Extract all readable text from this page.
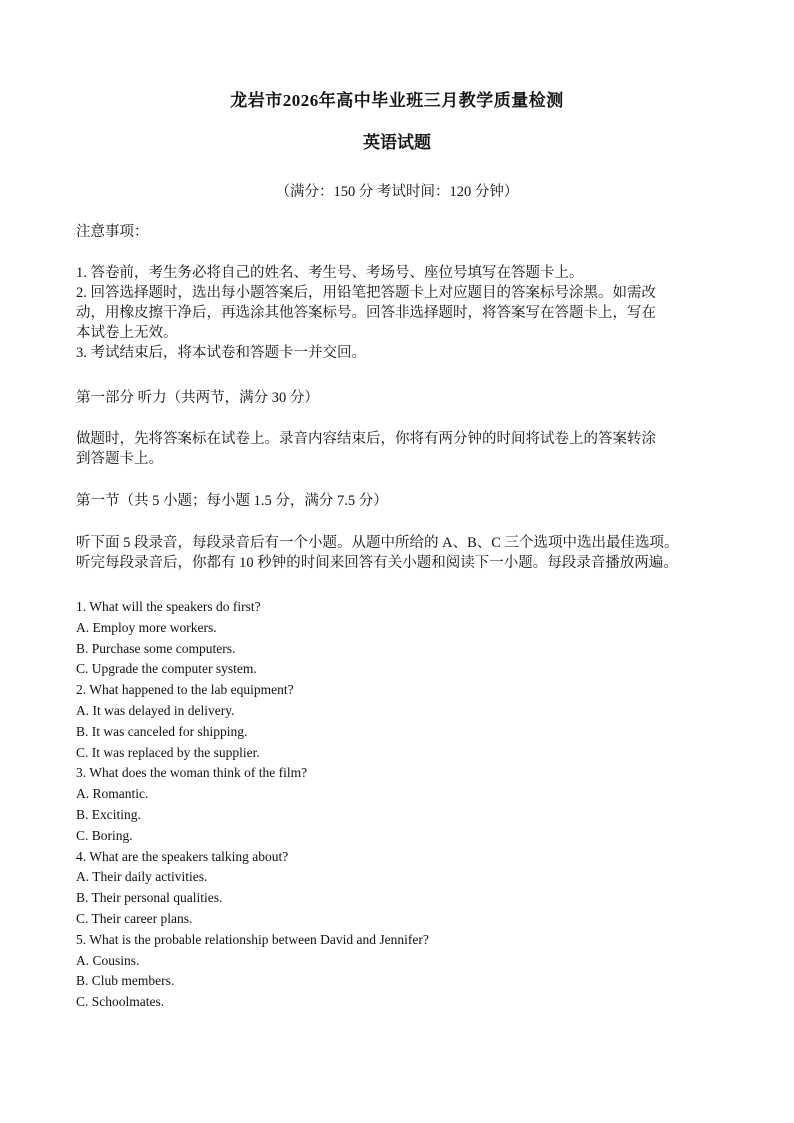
龙岩市2026年高中毕业班三月教学质量检测
英语试题
（满分：150 分 考试时间：120 分钟）
注意事项：
1. 答卷前，考生务必将自己的姓名、考生号、考场号、座位号填写在答题卡上。
2. 回答选择题时，选出每小题答案后，用铅笔把答题卡上对应题目的答案标号涂黑。如需改
动，用橡皮擦干净后，再选涂其他答案标号。回答非选择题时，将答案写在答题卡上，写在
本试卷上无效。
3. 考试结束后，将本试卷和答题卡一并交回。
第一部分 听力（共两节，满分 30 分）
做题时，先将答案标在试卷上。录音内容结束后，你将有两分钟的时间将试卷上的答案转涂
到答题卡上。
第一节（共 5 小题；每小题 1.5 分，满分 7.5 分）
听下面 5 段录音，每段录音后有一个小题。从题中所给的 A、B、C 三个选项中选出最佳选项。
听完每段录音后，你都有 10 秒钟的时间来回答有关小题和阅读下一小题。每段录音播放两遍。
1. What will the speakers do first?
A. Employ more workers.
B. Purchase some computers.
C. Upgrade the computer system.
2. What happened to the lab equipment?
A. It was delayed in delivery.
B. It was canceled for shipping.
C. It was replaced by the supplier.
3. What does the woman think of the film?
A. Romantic.
B. Exciting.
C. Boring.
4. What are the speakers talking about?
A. Their daily activities.
B. Their personal qualities.
C. Their career plans.
5. What is the probable relationship between David and Jennifer?
A. Cousins.
B. Club members.
C. Schoolmates.
